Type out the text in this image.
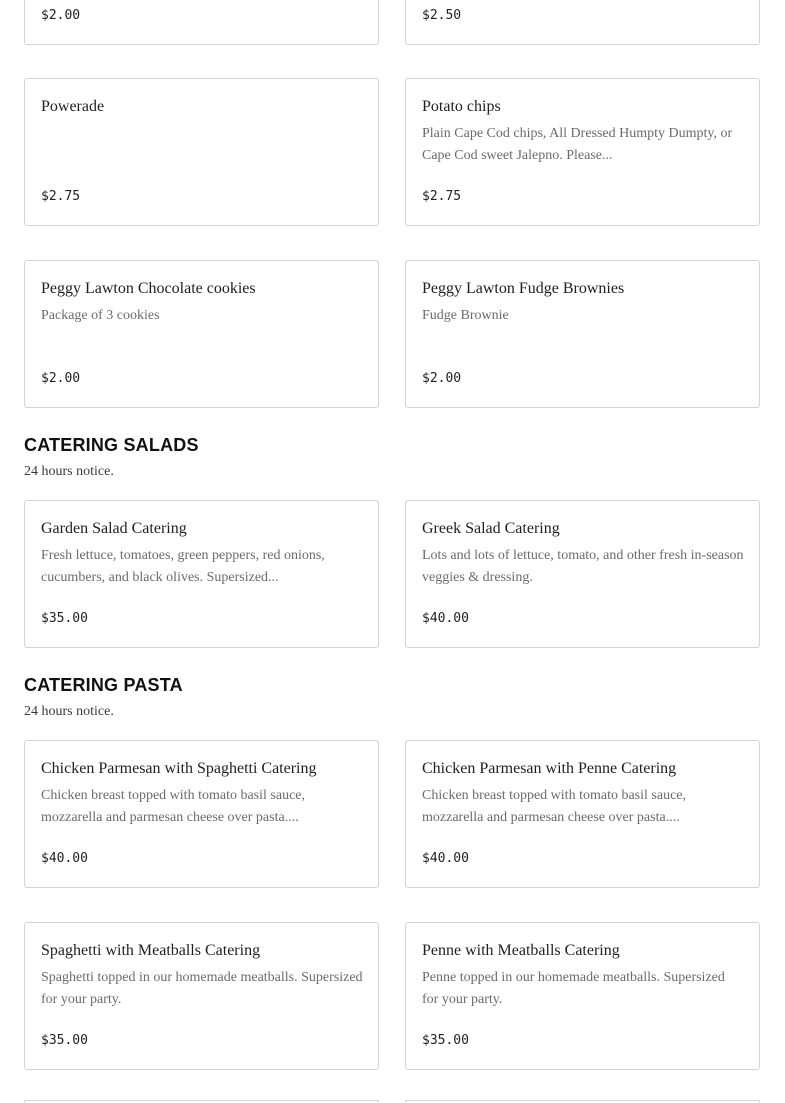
$2.00	$2.50
Powerade
$2.75
Potato chips
Plain Cape Cod chips, All Dressed Humpty Dumpty, or Cape Cod sweet Jalepno. Please...
$2.75
Peggy Lawton Chocolate cookies
Package of 3 cookies
$2.00
Peggy Lawton Fudge Brownies
Fudge Brownie
$2.00
CATERING SALADS
24 hours notice.
Garden Salad Catering
Fresh lettuce, tomatoes, green peppers, red onions, cucumbers, and black olives. Supersized...
$35.00
Greek Salad Catering
Lots and lots of lettuce, tomato, and other fresh in-season veggies & dressing.
$40.00
CATERING PASTA
24 hours notice.
Chicken Parmesan with Spaghetti Catering
Chicken breast topped with tomato basil sauce, mozzarella and parmesan cheese over pasta....
$40.00
Chicken Parmesan with Penne Catering
Chicken breast topped with tomato basil sauce, mozzarella and parmesan cheese over pasta....
$40.00
Spaghetti with Meatballs Catering
Spaghetti topped in our homemade meatballs. Supersized for your party.
$35.00
Penne with Meatballs Catering
Penne topped in our homemade meatballs. Supersized for your party.
$35.00
